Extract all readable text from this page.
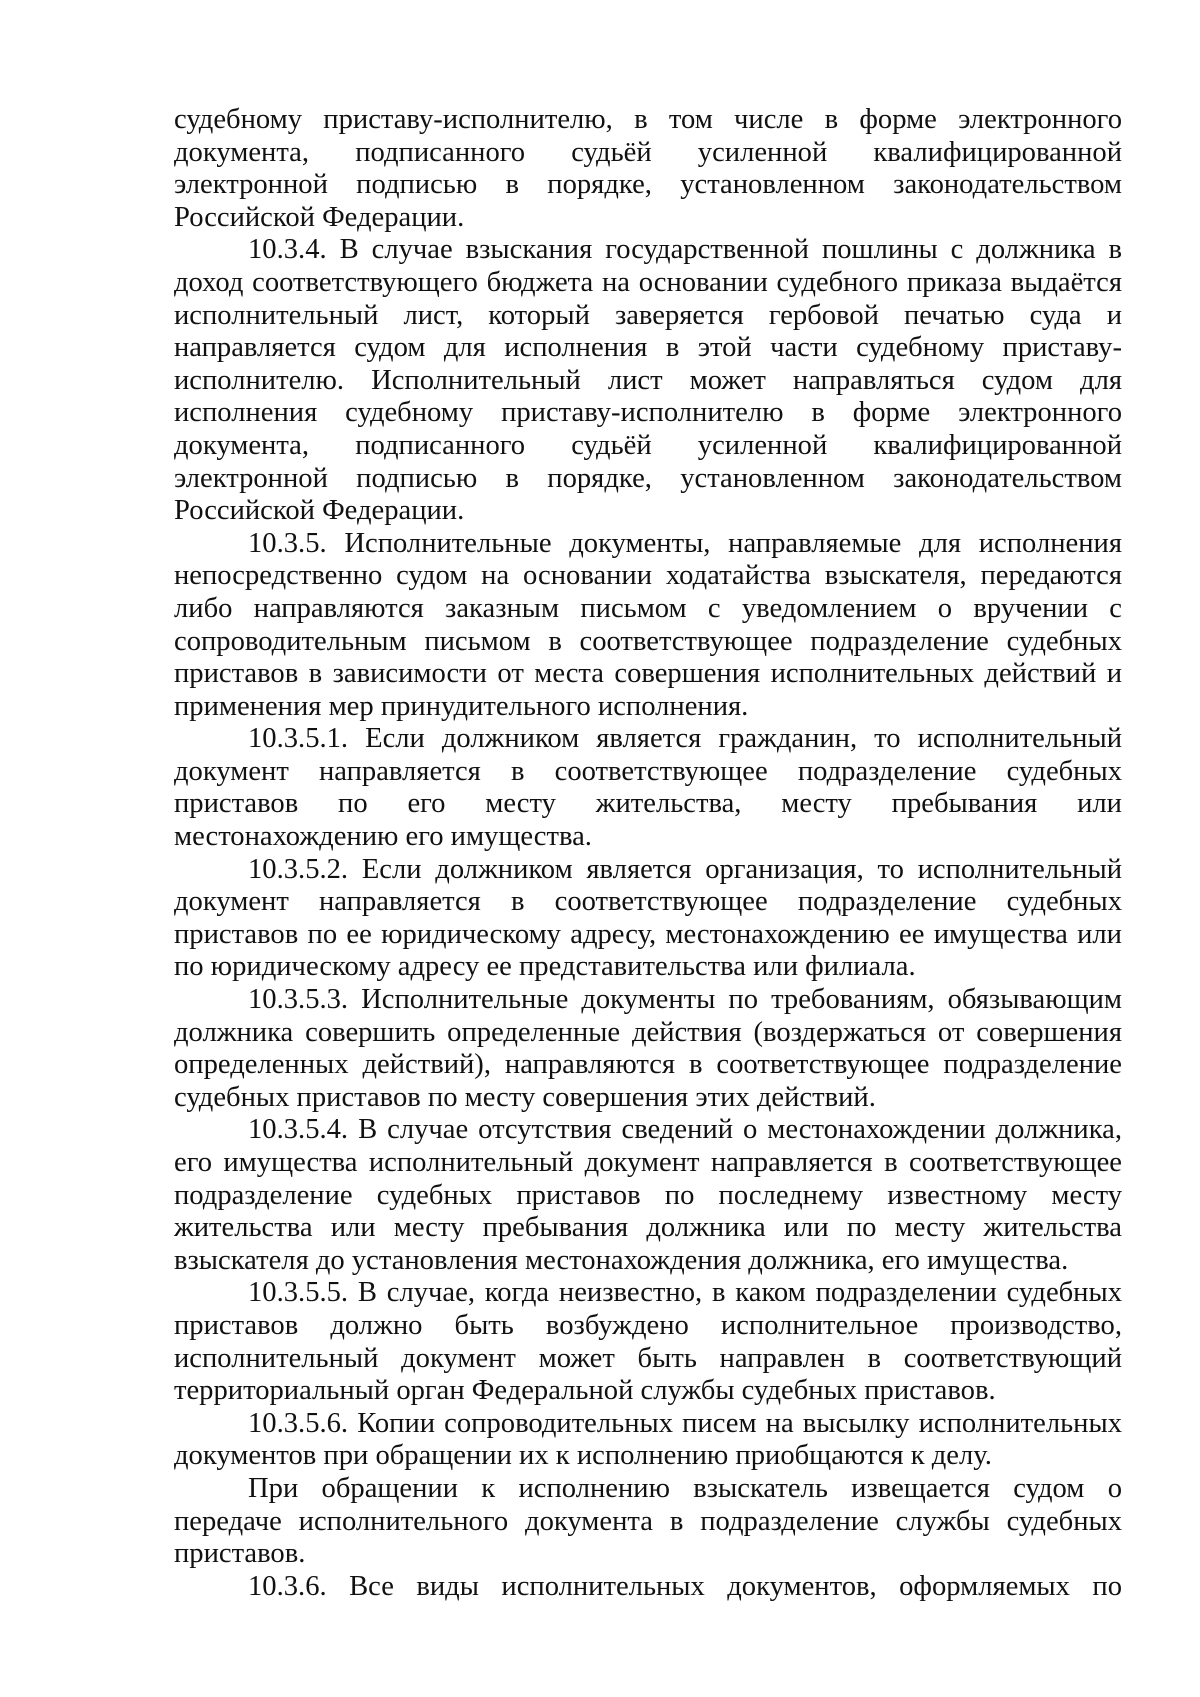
судебному приставу-исполнителю, в том числе в форме электронного документа, подписанного судьёй усиленной квалифицированной электронной подписью в порядке, установленном законодательством Российской Федерации.

10.3.4. В случае взыскания государственной пошлины с должника в доход соответствующего бюджета на основании судебного приказа выдаётся исполнительный лист, который заверяется гербовой печатью суда и направляется судом для исполнения в этой части судебному приставу-исполнителю. Исполнительный лист может направляться судом для исполнения судебному приставу-исполнителю в форме электронного документа, подписанного судьёй усиленной квалифицированной электронной подписью в порядке, установленном законодательством Российской Федерации.

10.3.5. Исполнительные документы, направляемые для исполнения непосредственно судом на основании ходатайства взыскателя, передаются либо направляются заказным письмом с уведомлением о вручении с сопроводительным письмом в соответствующее подразделение судебных приставов в зависимости от места совершения исполнительных действий и применения мер принудительного исполнения.

10.3.5.1. Если должником является гражданин, то исполнительный документ направляется в соответствующее подразделение судебных приставов по его месту жительства, месту пребывания или местонахождению его имущества.

10.3.5.2. Если должником является организация, то исполнительный документ направляется в соответствующее подразделение судебных приставов по ее юридическому адресу, местонахождению ее имущества или по юридическому адресу ее представительства или филиала.

10.3.5.3. Исполнительные документы по требованиям, обязывающим должника совершить определенные действия (воздержаться от совершения определенных действий), направляются в соответствующее подразделение судебных приставов по месту совершения этих действий.

10.3.5.4. В случае отсутствия сведений о местонахождении должника, его имущества исполнительный документ направляется в соответствующее подразделение судебных приставов по последнему известному месту жительства или месту пребывания должника или по месту жительства взыскателя до установления местонахождения должника, его имущества.

10.3.5.5. В случае, когда неизвестно, в каком подразделении судебных приставов должно быть возбуждено исполнительное производство, исполнительный документ может быть направлен в соответствующий территориальный орган Федеральной службы судебных приставов.

10.3.5.6. Копии сопроводительных писем на высылку исполнительных документов при обращении их к исполнению приобщаются к делу.

При обращении к исполнению взыскатель извещается судом о передаче исполнительного документа в подразделение службы судебных приставов.

10.3.6. Все виды исполнительных документов, оформляемых по
